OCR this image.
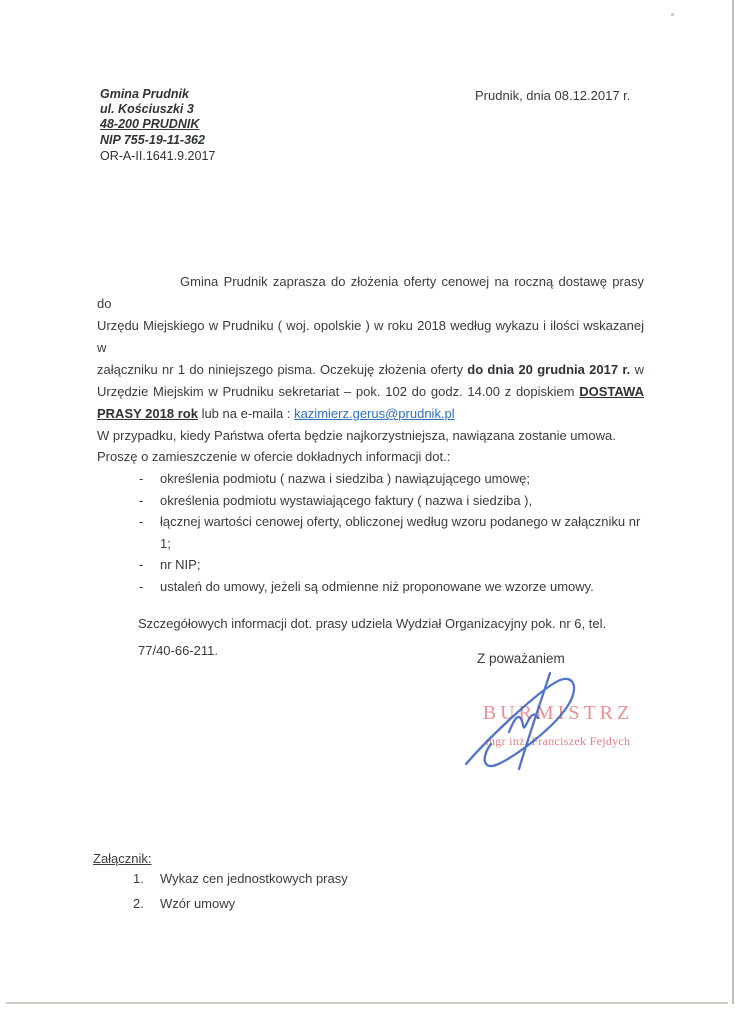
Gmina Prudnik
ul. Kościuszki 3
48-200 PRUDNIK
NIP 755-19-11-362
OR-A-II.1641.9.2017
Prudnik, dnia 08.12.2017 r.
Gmina Prudnik zaprasza do złożenia oferty cenowej na roczną dostawę prasy do
Urzędu Miejskiego w Prudniku ( woj. opolskie ) w roku 2018 według wykazu i ilości wskazanej w
załączniku nr 1 do niniejszego pisma. Oczekuję złożenia oferty do dnia 20 grudnia 2017 r. w
Urzędzie Miejskim w Prudniku sekretariat – pok. 102 do godz. 14.00 z dopiskiem DOSTAWA
PRASY 2018 rok lub na e-maila : kazimierz.gerus@prudnik.pl
W przypadku, kiedy Państwa oferta będzie najkorzystniejsza, nawiązana zostanie umowa.
Proszę o zamieszczenie w ofercie dokładnych informacji dot.:
- określenia podmiotu ( nazwa i siedziba ) nawiązującego umowę;
- określenia podmiotu wystawiającego faktury ( nazwa i siedziba ),
- łącznej wartości cenowej oferty, obliczonej według wzoru podanego w załączniku nr 1;
- nr NIP;
- ustaleń do umowy, jeżeli są odmienne niż proponowane we wzorze umowy.
Szczegółowych informacji dot. prasy udziela Wydział Organizacyjny pok. nr 6, tel.
77/40-66-211.
Z poważaniem
BURMISTRZ
mgr inż. Franciszek Fejdych
Załącznik:
1. Wykaz cen jednostkowych prasy
2. Wzór umowy
